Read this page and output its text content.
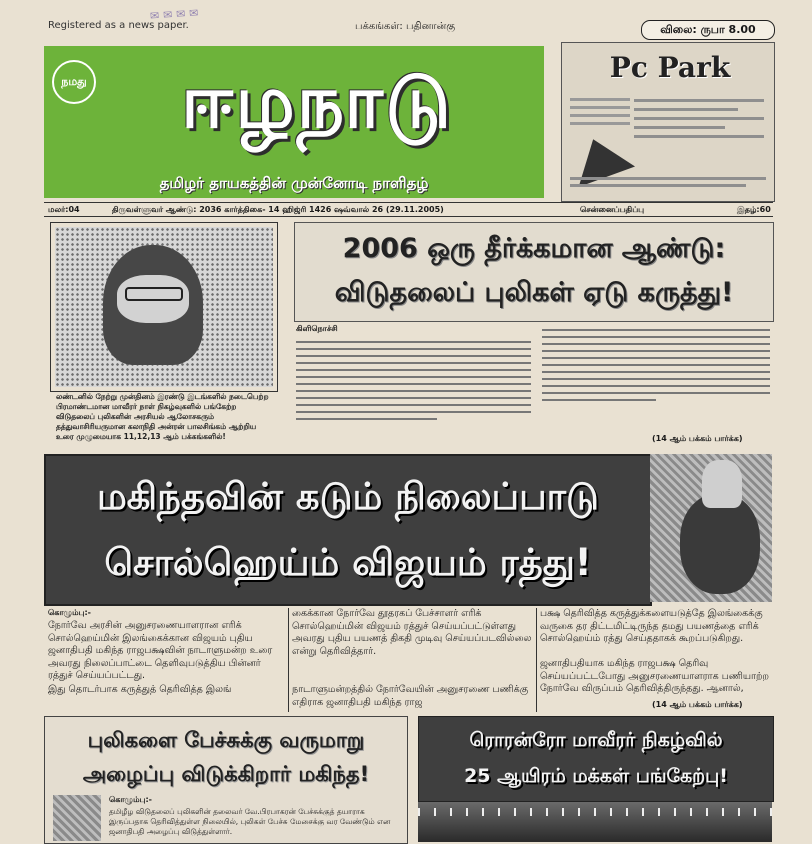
Registered as a news paper.
✉ ✉ ✉ ✉
பக்கங்கள்: பதினான்கு	விலை: ருபா 8.00
நமது	ஈழநாடு
தமிழர் தாயகத்தின் முன்னோடி நாளிதழ்
Pc Park
மலர்:04	திருவள்ளுவர் ஆண்டு: 2036 கார்த்திகை- 14 ஹிஜ்ரி 1426 ஷவ்வால் 26 (29.11.2005)	சென்னைப்பதிப்பு	இதழ்:60
லண்டனில் நேற்று முன்தினம் இரண்டு இடங்களில் நடைபெற்ற பிரமாண்டமான மாவீரர் நாள் நிகழ்வுகளில் பங்கேற்ற விடுதலைப் புலிகளின் அரசியல் ஆலோசகரும் தத்துவாசிரியருமான கலாநிதி அன்ரன் பாலசிங்கம் ஆற்றிய உரை முழுமையாக 11,12,13 ஆம் பக்கங்களில்!
2006 ஒரு தீர்க்கமான ஆண்டு:
விடுதலைப் புலிகள் ஏடு கருத்து!
கிளிநொச்சி
(14 ஆம் பக்கம் பார்க்க)
மகிந்தவின் கடும் நிலைப்பாடு
சொல்ஹெய்ம் விஜயம் ரத்து!
கொழும்பு:-
நோர்வே அரசின் அனுசரணையாளரான எரிக் சொல்ஹெய்மின் இலங்கைக்கான விஜயம் புதிய ஜனாதிபதி மகிந்த ராஜபக்ஷவின் நாடாளுமன்ற உரை அவரது நிலைப்பாட்டை தெளிவுபடுத்திய பின்னர் ரத்துச் செய்யப்பட்டது.
இது தொடர்பாக கருத்துத் தெரிவித்த இலங்
கைக்கான நோர்வே தூதரகப் பேச்சாளர் எரிக் சொல்ஹெய்மின் விஜயம் ரத்துச் செய்யப்பட்டுள்ளது அவரது புதிய பயணத் திகதி முடிவு செய்யப்படவில்லை என்று தெரிவித்தார்.
நாடாளுமன்றத்தில் நோர்வேயின் அனுசரணை பணிக்கு எதிராக ஜனாதிபதி மகிந்த ராஜ
பக்ஷ தெரிவித்த கருத்துக்களையடுத்தே இலங்கைக்கு வருகை தர திட்டமிட்டிருந்த தமது பயணத்தை எரிக் சொல்ஹெய்ம் ரத்து செய்ததாகக் கூறப்படுகிறது.
ஜனாதிபதியாக மகிந்த ராஜபக்ஷ தெரிவு செய்யப்பட்டபோது அனுசரணையாளராக பணியாற்ற நோர்வே விருப்பம் தெரிவித்திருந்தது. ஆனால்,
(14 ஆம் பக்கம் பார்க்க)
புலிகளை பேச்சுக்கு வருமாறு
அழைப்பு விடுக்கிறார் மகிந்த!
கொழும்பு:-
தமிழீழ விடுதலைப் புலிகளின் தலைவர் வே.பிரபாகரன் பேச்சுக்குத் தயாராக இருப்பதாக தெரிவித்துள்ள நிலையில், புலிகள் பேச்சு மேசைக்கு வர வேண்டும் என ஜனாதிபதி அழைப்பு விடுத்துள்ளார்.
ரொரன்ரோ மாவீரர் நிகழ்வில்
25 ஆயிரம் மக்கள் பங்கேற்பு!
